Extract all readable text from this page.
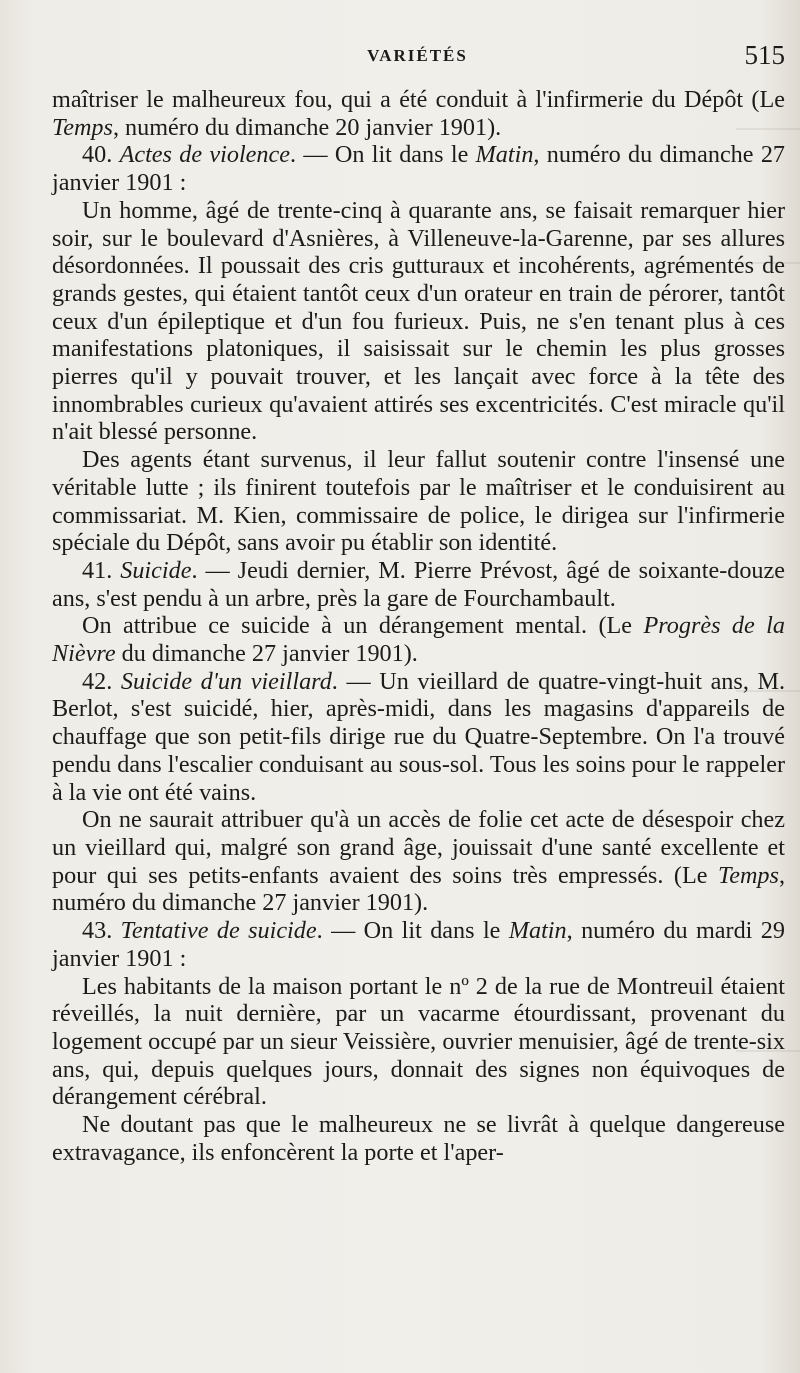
VARIÉTÉS	515

maîtriser le malheureux fou, qui a été conduit à l'infirmerie du Dépôt (Le Temps, numéro du dimanche 20 janvier 1901).

40. Actes de violence. — On lit dans le Matin, numéro du dimanche 27 janvier 1901 :

Un homme, âgé de trente-cinq à quarante ans, se faisait remarquer hier soir, sur le boulevard d'Asnières, à Villeneuve-la-Garenne, par ses allures désordonnées. Il poussait des cris gutturaux et incohérents, agrémentés de grands gestes, qui étaient tantôt ceux d'un orateur en train de pérorer, tantôt ceux d'un épileptique et d'un fou furieux. Puis, ne s'en tenant plus à ces manifestations platoniques, il saisissait sur le chemin les plus grosses pierres qu'il y pouvait trouver, et les lançait avec force à la tête des innombrables curieux qu'avaient attirés ses excentricités. C'est miracle qu'il n'ait blessé personne.

Des agents étant survenus, il leur fallut soutenir contre l'insensé une véritable lutte ; ils finirent toutefois par le maîtriser et le conduisirent au commissariat. M. Kien, commissaire de police, le dirigea sur l'infirmerie spéciale du Dépôt, sans avoir pu établir son identité.

41. Suicide. — Jeudi dernier, M. Pierre Prévost, âgé de soixante-douze ans, s'est pendu à un arbre, près la gare de Fourchambault.

On attribue ce suicide à un dérangement mental. (Le Progrès de la Nièvre du dimanche 27 janvier 1901).

42. Suicide d'un vieillard. — Un vieillard de quatre-vingt-huit ans, M. Berlot, s'est suicidé, hier, après-midi, dans les magasins d'appareils de chauffage que son petit-fils dirige rue du Quatre-Septembre. On l'a trouvé pendu dans l'escalier conduisant au sous-sol. Tous les soins pour le rappeler à la vie ont été vains.

On ne saurait attribuer qu'à un accès de folie cet acte de désespoir chez un vieillard qui, malgré son grand âge, jouissait d'une santé excellente et pour qui ses petits-enfants avaient des soins très empressés. (Le Temps, numéro du dimanche 27 janvier 1901).

43. Tentative de suicide. — On lit dans le Matin, numéro du mardi 29 janvier 1901 :

Les habitants de la maison portant le nº 2 de la rue de Montreuil étaient réveillés, la nuit dernière, par un vacarme étourdissant, provenant du logement occupé par un sieur Veissière, ouvrier menuisier, âgé de trente-six ans, qui, depuis quelques jours, donnait des signes non équivoques de dérangement cérébral.

Ne doutant pas que le malheureux ne se livrât à quelque dangereuse extravagance, ils enfoncèrent la porte et l'aper-
